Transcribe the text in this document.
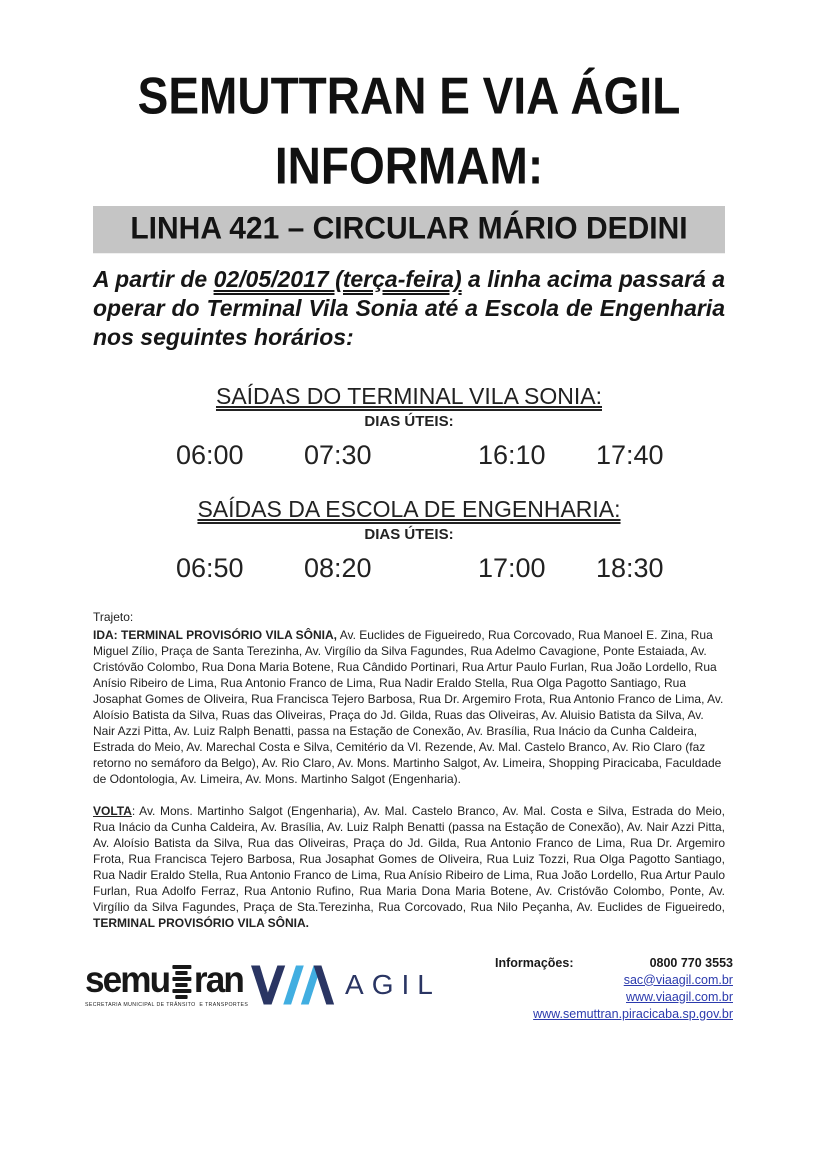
SEMUTTRAN E VIA ÁGIL
INFORMAM:
LINHA 421 – CIRCULAR MÁRIO DEDINI

A partir de 02/05/2017 (terça-feira) a linha acima passará a operar do Terminal Vila Sonia até a Escola de Engenharia nos seguintes horários:

SAÍDAS DO TERMINAL VILA SONIA:
DIAS ÚTEIS:
06:00 07:30	16:10 17:40
SAÍDAS DA ESCOLA DE ENGENHARIA:
DIAS ÚTEIS:
06:50 08:20	17:00 18:30
Trajeto:

IDA: TERMINAL PROVISÓRIO VILA SÔNIA, Av. Euclides de Figueiredo, Rua Corcovado, Rua Manoel E. Zina, Rua Miguel Zílio, Praça de Santa Terezinha, Av. Virgílio da Silva Fagundes, Rua Adelmo Cavagione, Ponte Estaiada, Av. Cristóvão Colombo, Rua Dona Maria Botene, Rua Cândido Portinari, Rua Artur Paulo Furlan, Rua João Lordello, Rua Anísio Ribeiro de Lima, Rua Antonio Franco de Lima, Rua Nadir Eraldo Stella, Rua Olga Pagotto Santiago, Rua Josaphat Gomes de Oliveira, Rua Francisca Tejero Barbosa, Rua Dr. Argemiro Frota, Rua Antonio Franco de Lima, Av. Aloísio Batista da Silva, Ruas das Oliveiras, Praça do Jd. Gilda, Ruas das Oliveiras, Av. Aluisio Batista da Silva, Av. Nair Azzi Pitta, Av. Luiz Ralph Benatti, passa na Estação de Conexão, Av. Brasília, Rua Inácio da Cunha Caldeira, Estrada do Meio, Av. Marechal Costa e Silva, Cemitério da Vl. Rezende, Av. Mal. Castelo Branco, Av. Rio Claro (faz retorno no semáforo da Belgo), Av. Rio Claro, Av. Mons. Martinho Salgot, Av. Limeira, Shopping Piracicaba, Faculdade de Odontologia, Av. Limeira, Av. Mons. Martinho Salgot (Engenharia).

VOLTA: Av. Mons. Martinho Salgot (Engenharia), Av. Mal. Castelo Branco, Av. Mal. Costa e Silva, Estrada do Meio, Rua Inácio da Cunha Caldeira, Av. Brasília, Av. Luiz Ralph Benatti (passa na Estação de Conexão), Av. Nair Azzi Pitta, Av. Aloísio Batista da Silva, Rua das Oliveiras, Praça do Jd. Gilda, Rua Antonio Franco de Lima, Rua Dr. Argemiro Frota, Rua Francisca Tejero Barbosa, Rua Josaphat Gomes de Oliveira, Rua Luiz Tozzi, Rua Olga Pagotto Santiago, Rua Nadir Eraldo Stella, Rua Antonio Franco de Lima, Rua Anísio Ribeiro de Lima, Rua João Lordello, Rua Artur Paulo Furlan, Rua Adolfo Ferraz, Rua Antonio Rufino, Rua Maria Dona Maria Botene, Av. Cristóvão Colombo, Ponte, Av. Virgílio da Silva Fagundes, Praça de Sta.Terezinha, Rua Corcovado, Rua Nilo Peçanha, Av. Euclides de Figueiredo, TERMINAL PROVISÓRIO VILA SÔNIA.

semu ran
SECRETARIA MUNICIPAL DE TRÂNSITO E TRANSPORTES
AGIL
Informações:	0800 770 3553
sac@viaagil.com.br
www.viaagil.com.br
www.semuttran.piracicaba.sp.gov.br
